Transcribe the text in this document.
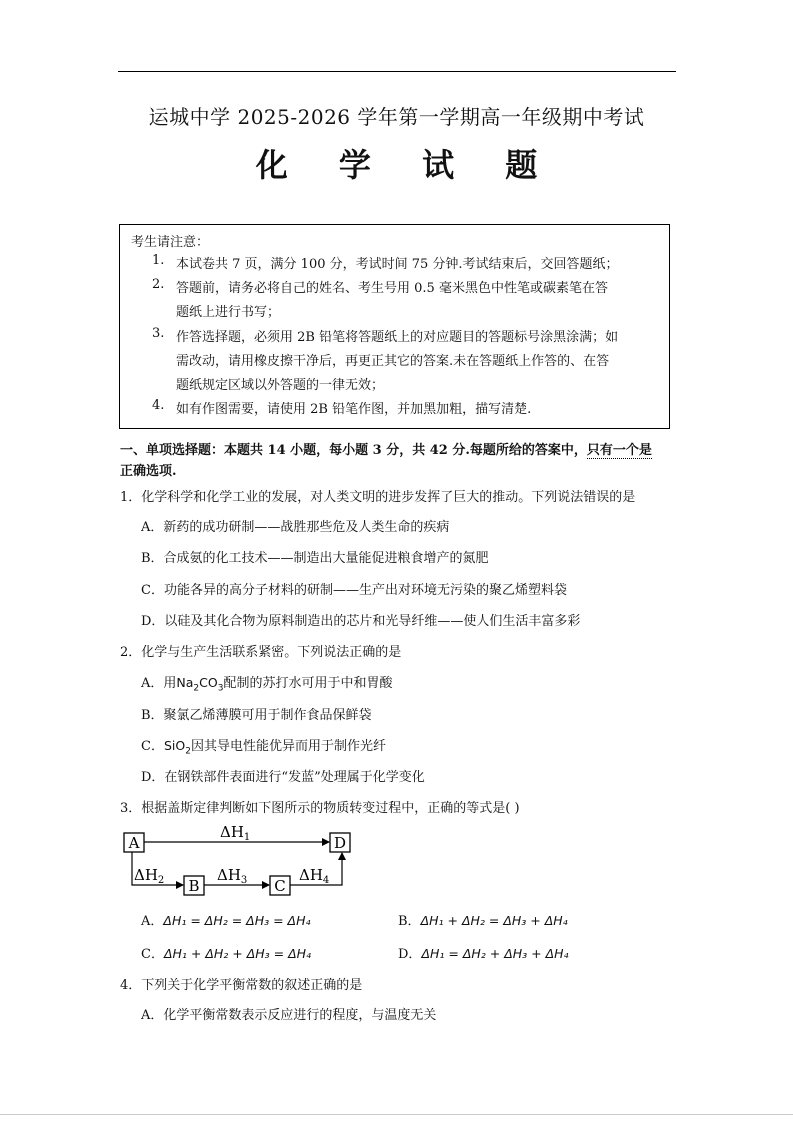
运城中学 2025-2026 学年第一学期高一年级期中考试
化 学 试 题
考生请注意：
1. 本试卷共 7 页，满分 100 分，考试时间 75 分钟.考试结束后，交回答题纸；
2. 答题前，请务必将自己的姓名、考生号用 0.5 毫米黑色中性笔或碳素笔在答
题纸上进行书写；
3. 作答选择题，必须用 2B 铅笔将答题纸上的对应题目的答题标号涂黑涂满；如
需改动，请用橡皮擦干净后，再更正其它的答案.未在答题纸上作答的、在答
题纸规定区域以外答题的一律无效；
4. 如有作图需要，请使用 2B 铅笔作图，并加黑加粗，描写清楚.
一、单项选择题：本题共 14 小题，每小题 3 分，共 42 分.每题所给的答案中，只有一个是
正确选项.
1．化学科学和化学工业的发展，对人类文明的进步发挥了巨大的推动。下列说法错误的是
A．新药的成功研制——战胜那些危及人类生命的疾病
B．合成氨的化工技术——制造出大量能促进粮食增产的氮肥
C．功能各异的高分子材料的研制——生产出对环境无污染的聚乙烯塑料袋
D．以硅及其化合物为原料制造出的芯片和光导纤维——使人们生活丰富多彩
2．化学与生产生活联系紧密。下列说法正确的是
A．用$Na_2CO_3$配制的苏打水可用于中和胃酸
B．聚氯乙烯薄膜可用于制作食品保鲜袋
C．SiO$_2$因其导电性能优异而用于制作光纤
D．在钢铁部件表面进行“发蓝”处理属于化学变化
3．根据盖斯定律判断如下图所示的物质转变过程中，正确的等式是( )
A	D
B	C
$\Delta H_1$
$\Delta H_2$	$\Delta H_3$	$\Delta H_4$
A．ΔH₁ = ΔH₂ = ΔH₃ = ΔH₄	B．ΔH₁ + ΔH₂ = ΔH₃ + ΔH₄
C．ΔH₁ + ΔH₂ + ΔH₃ = ΔH₄	D．ΔH₁ = ΔH₂ + ΔH₃ + ΔH₄
4．下列关于化学平衡常数的叙述正确的是
A．化学平衡常数表示反应进行的程度，与温度无关
